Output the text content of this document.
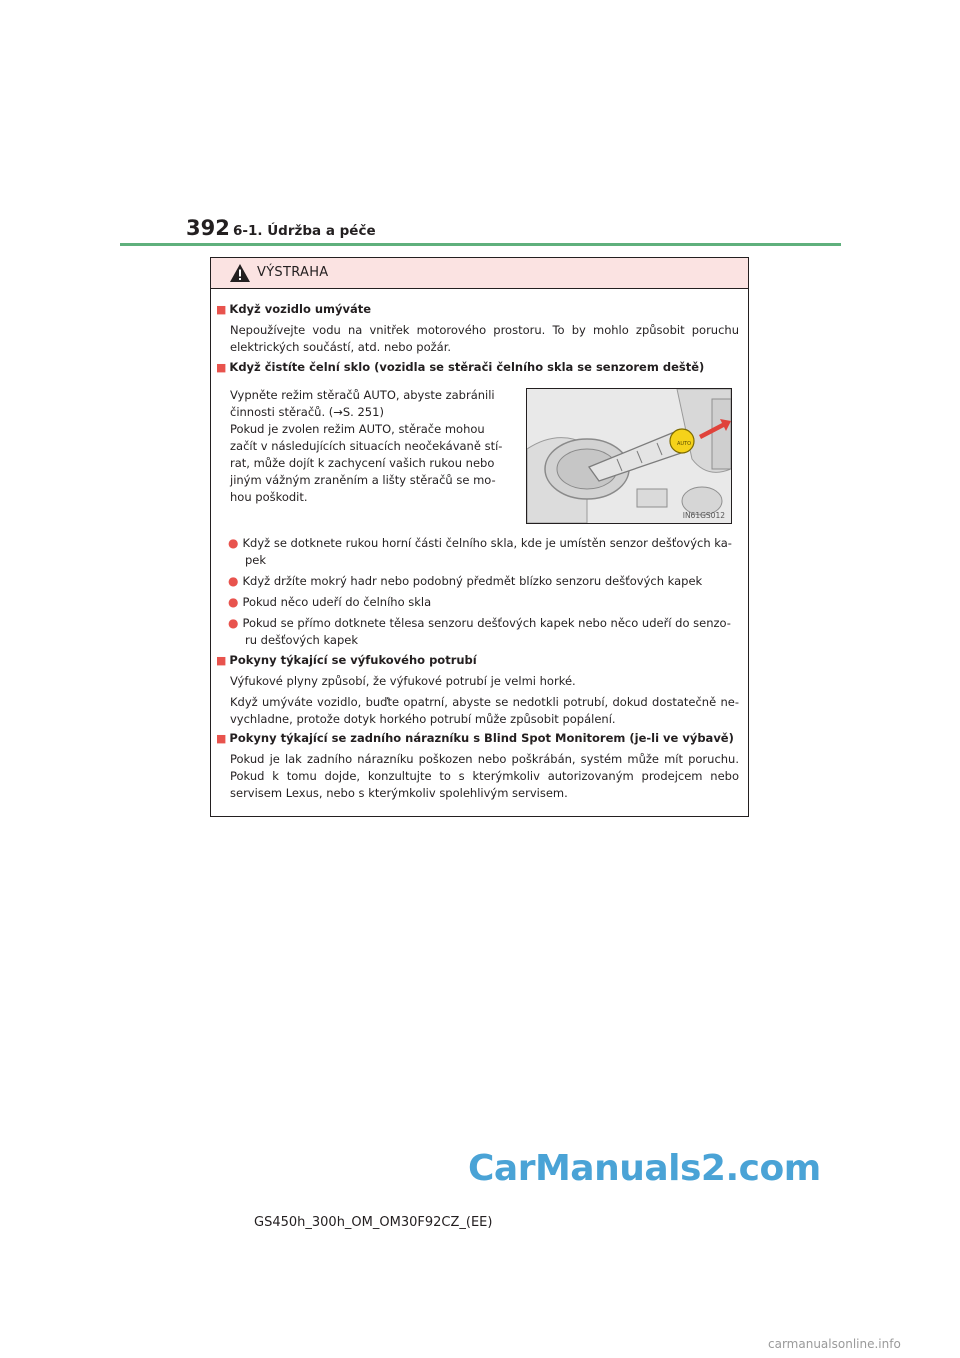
392 6-1. Údržba a péče
VÝSTRAHA
■ Když vozidlo umýváte
Nepoužívejte vodu na vnitřek motorového prostoru. To by mohlo způsobit poruchu elektrických součástí, atd. nebo požár.
■ Když čistíte čelní sklo (vozidla se stěrači čelního skla se senzorem deště)
Vypněte režim stěračů AUTO, abyste zabránili
činnosti stěračů. (→S. 251)
Pokud je zvolen režim AUTO, stěrače mohou
začít v následujících situacích neočekávaně stí-
rat, může dojít k zachycení vašich rukou nebo
jiným vážným zraněním a lišty stěračů se mo-
hou poškodit.
AUTO
IN61GS012
● Když se dotknete rukou horní části čelního skla, kde je umístěn senzor dešťových ka-
pek
● Když držíte mokrý hadr nebo podobný předmět blízko senzoru dešťových kapek
● Pokud něco udeří do čelního skla
● Pokud se přímo dotknete tělesa senzoru dešťových kapek nebo něco udeří do senzo-
ru dešťových kapek
■ Pokyny týkající se výfukového potrubí
Výfukové plyny způsobí, že výfukové potrubí je velmi horké.
Když umýváte vozidlo, buďte opatrní, abyste se nedotkli potrubí, dokud dostatečně ne-vychladne, protože dotyk horkého potrubí může způsobit popálení.
■ Pokyny týkající se zadního nárazníku s Blind Spot Monitorem (je-li ve výbavě)
Pokud je lak zadního nárazníku poškozen nebo poškrábán, systém může mít poruchu. Pokud k tomu dojde, konzultujte to s kterýmkoliv autorizovaným prodejcem nebo servisem Lexus, nebo s kterýmkoliv spolehlivým servisem.
GS450h_300h_OM_OM30F92CZ_(EE)
CarManuals2.com
carmanualsonline.info
